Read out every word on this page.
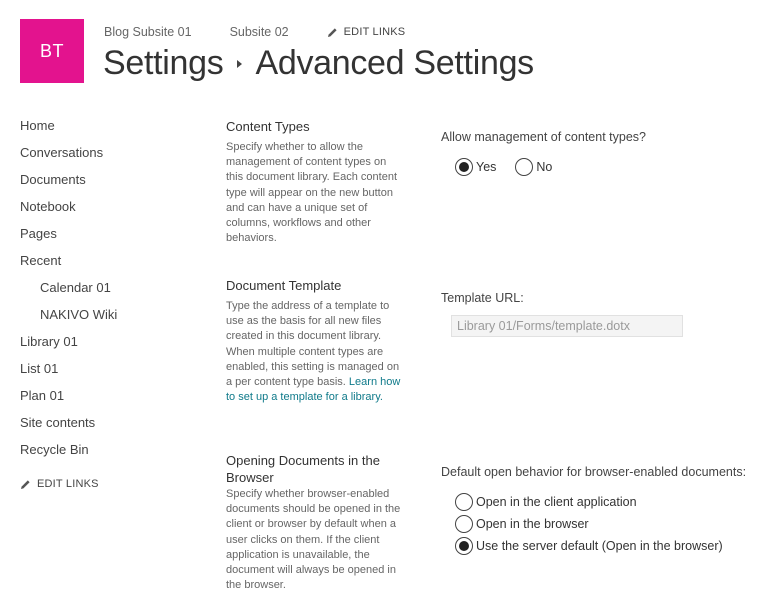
BT
Blog Subsite 01	Subsite 02	EDIT LINKS
Settings Advanced Settings
Home
Conversations
Documents
Notebook
Pages
Recent
Calendar 01
NAKIVO Wiki
Library 01
List 01
Plan 01
Site contents
Recycle Bin
EDIT LINKS
Content Types

Specify whether to allow the management of content types on this document library. Each content type will appear on the new button and can have a unique set of columns, workflows and other behaviors.

Allow management of content types?
Yes	No
Document Template

Type the address of a template to use as the basis for all new files created in this document library. When multiple content types are enabled, this setting is managed on a per content type basis. Learn how to set up a template for a library.

Template URL:
Library 01/Forms/template.dotx
Opening Documents in the Browser

Specify whether browser-enabled documents should be opened in the client or browser by default when a user clicks on them. If the client application is unavailable, the document will always be opened in the browser.

Default open behavior for browser-enabled documents:
Open in the client application
Open in the browser
Use the server default (Open in the browser)
